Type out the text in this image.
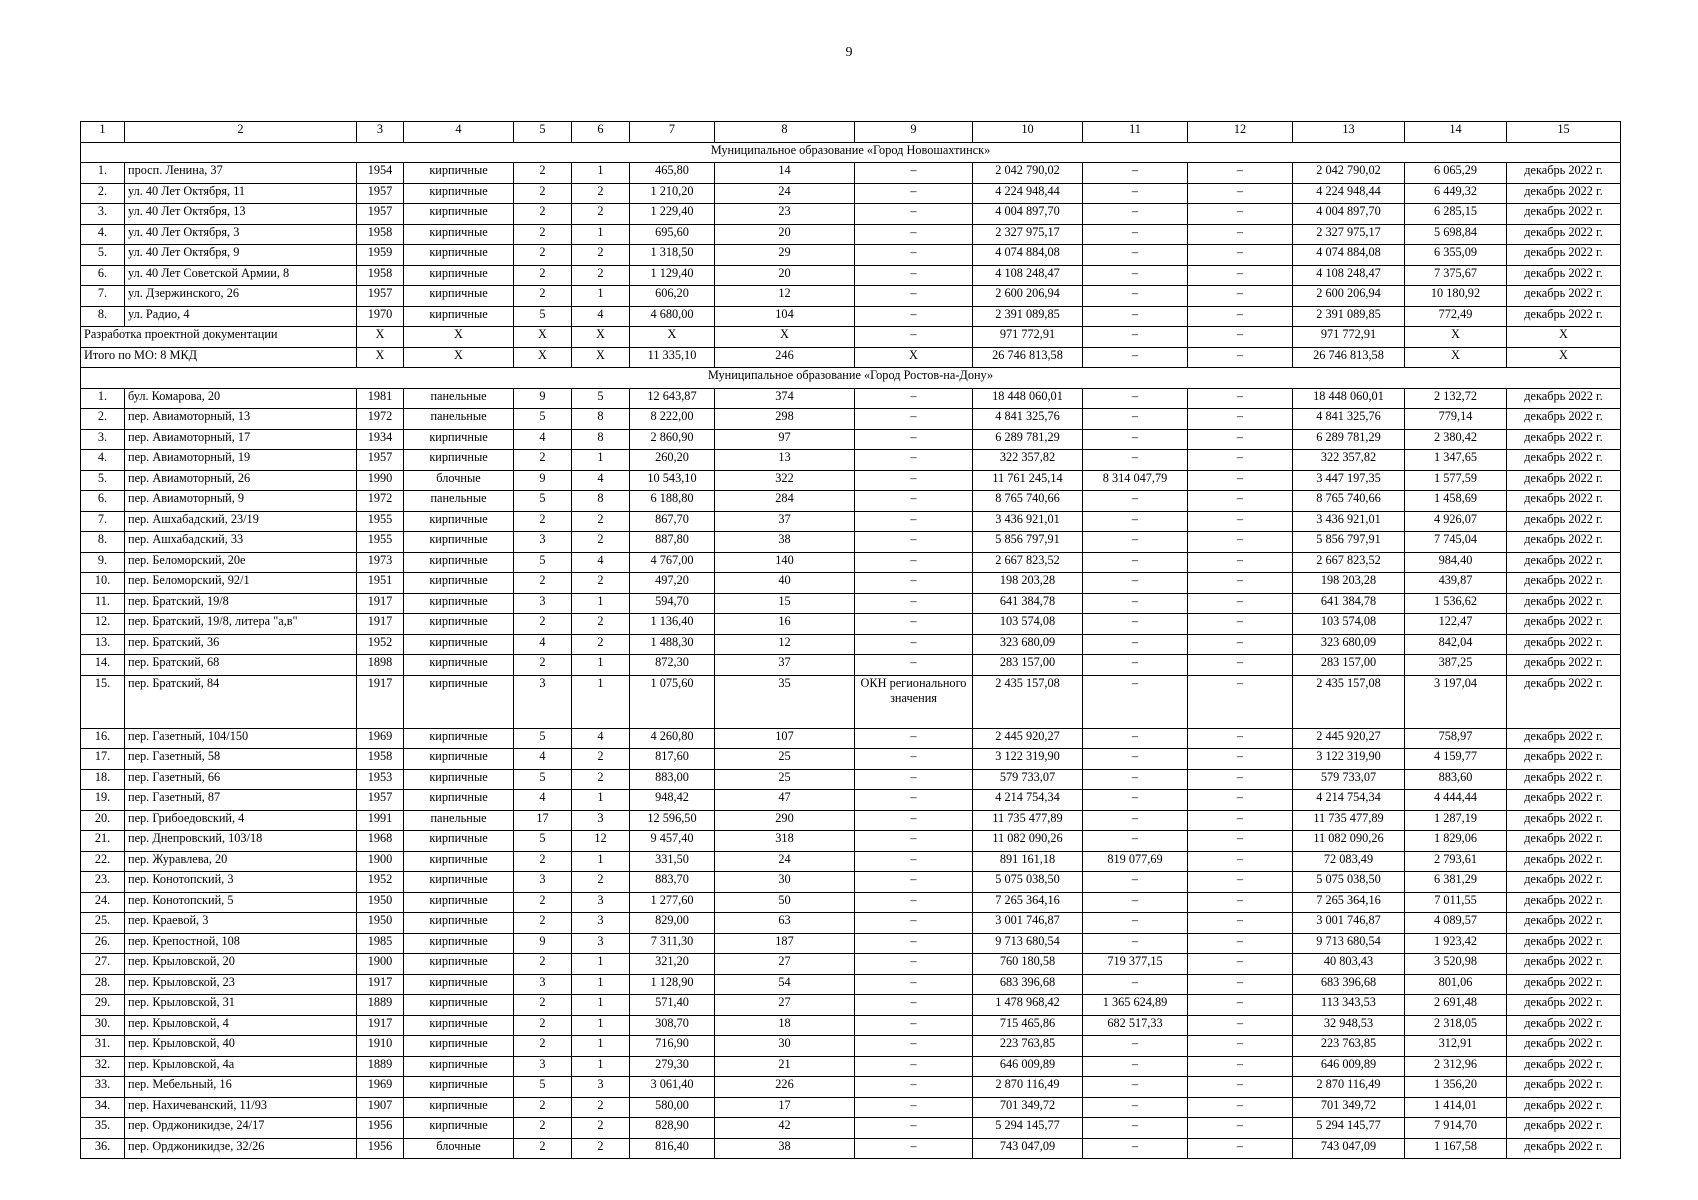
9
1	2	3	4	5	6	7	8	9	10	11	12	13	14	15
Муниципальное образование «Город Новошахтинск»														
1.	просп. Ленина, 37	1954	кирпичные	2	1	465,80	14	–	2 042 790,02	–	–	2 042 790,02	6 065,29	декабрь 2022 г.
2.	ул. 40 Лет Октября, 11	1957	кирпичные	2	2	1 210,20	24	–	4 224 948,44	–	–	4 224 948,44	6 449,32	декабрь 2022 г.
3.	ул. 40 Лет Октября, 13	1957	кирпичные	2	2	1 229,40	23	–	4 004 897,70	–	–	4 004 897,70	6 285,15	декабрь 2022 г.
4.	ул. 40 Лет Октября, 3	1958	кирпичные	2	1	695,60	20	–	2 327 975,17	–	–	2 327 975,17	5 698,84	декабрь 2022 г.
5.	ул. 40 Лет Октября, 9	1959	кирпичные	2	2	1 318,50	29	–	4 074 884,08	–	–	4 074 884,08	6 355,09	декабрь 2022 г.
6.	ул. 40 Лет Советской Армии, 8	1958	кирпичные	2	2	1 129,40	20	–	4 108 248,47	–	–	4 108 248,47	7 375,67	декабрь 2022 г.
7.	ул. Дзержинского, 26	1957	кирпичные	2	1	606,20	12	–	2 600 206,94	–	–	2 600 206,94	10 180,92	декабрь 2022 г.
8.	ул. Радио, 4	1970	кирпичные	5	4	4 680,00	104	–	2 391 089,85	–	–	2 391 089,85	772,49	декабрь 2022 г.
Разработка проектной документации		X	X	X	X	X	X	–	971 772,91	–	–	971 772,91	X	X
Итого по МО: 8 МКД		X	X	X	X	11 335,10	246	X	26 746 813,58	–	–	26 746 813,58	X	X
Муниципальное образование «Город Ростов-на-Дону»														
1.	бул. Комарова, 20	1981	панельные	9	5	12 643,87	374	–	18 448 060,01	–	–	18 448 060,01	2 132,72	декабрь 2022 г.
2.	пер. Авиамоторный, 13	1972	панельные	5	8	8 222,00	298	–	4 841 325,76	–	–	4 841 325,76	779,14	декабрь 2022 г.
3.	пер. Авиамоторный, 17	1934	кирпичные	4	8	2 860,90	97	–	6 289 781,29	–	–	6 289 781,29	2 380,42	декабрь 2022 г.
4.	пер. Авиамоторный, 19	1957	кирпичные	2	1	260,20	13	–	322 357,82	–	–	322 357,82	1 347,65	декабрь 2022 г.
5.	пер. Авиамоторный, 26	1990	блочные	9	4	10 543,10	322	–	11 761 245,14	8 314 047,79	–	3 447 197,35	1 577,59	декабрь 2022 г.
6.	пер. Авиамоторный, 9	1972	панельные	5	8	6 188,80	284	–	8 765 740,66	–	–	8 765 740,66	1 458,69	декабрь 2022 г.
7.	пер. Ашхабадский, 23/19	1955	кирпичные	2	2	867,70	37	–	3 436 921,01	–	–	3 436 921,01	4 926,07	декабрь 2022 г.
8.	пер. Ашхабадский, 33	1955	кирпичные	3	2	887,80	38	–	5 856 797,91	–	–	5 856 797,91	7 745,04	декабрь 2022 г.
9.	пер. Беломорский, 20е	1973	кирпичные	5	4	4 767,00	140	–	2 667 823,52	–	–	2 667 823,52	984,40	декабрь 2022 г.
10.	пер. Беломорский, 92/1	1951	кирпичные	2	2	497,20	40	–	198 203,28	–	–	198 203,28	439,87	декабрь 2022 г.
11.	пер. Братский, 19/8	1917	кирпичные	3	1	594,70	15	–	641 384,78	–	–	641 384,78	1 536,62	декабрь 2022 г.
12.	пер. Братский, 19/8, литера "а,в"	1917	кирпичные	2	2	1 136,40	16	–	103 574,08	–	–	103 574,08	122,47	декабрь 2022 г.
13.	пер. Братский, 36	1952	кирпичные	4	2	1 488,30	12	–	323 680,09	–	–	323 680,09	842,04	декабрь 2022 г.
14.	пер. Братский, 68	1898	кирпичные	2	1	872,30	37	–	283 157,00	–	–	283 157,00	387,25	декабрь 2022 г.
15.	пер. Братский, 84	1917	кирпичные	3	1	1 075,60	35	ОКН регионального значения	2 435 157,08	–	–	2 435 157,08	3 197,04	декабрь 2022 г.
16.	пер. Газетный, 104/150	1969	кирпичные	5	4	4 260,80	107	–	2 445 920,27	–	–	2 445 920,27	758,97	декабрь 2022 г.
17.	пер. Газетный, 58	1958	кирпичные	4	2	817,60	25	–	3 122 319,90	–	–	3 122 319,90	4 159,77	декабрь 2022 г.
18.	пер. Газетный, 66	1953	кирпичные	5	2	883,00	25	–	579 733,07	–	–	579 733,07	883,60	декабрь 2022 г.
19.	пер. Газетный, 87	1957	кирпичные	4	1	948,42	47	–	4 214 754,34	–	–	4 214 754,34	4 444,44	декабрь 2022 г.
20.	пер. Грибоедовский, 4	1991	панельные	17	3	12 596,50	290	–	11 735 477,89	–	–	11 735 477,89	1 287,19	декабрь 2022 г.
21.	пер. Днепровский, 103/18	1968	кирпичные	5	12	9 457,40	318	–	11 082 090,26	–	–	11 082 090,26	1 829,06	декабрь 2022 г.
22.	пер. Журавлева, 20	1900	кирпичные	2	1	331,50	24	–	891 161,18	819 077,69	–	72 083,49	2 793,61	декабрь 2022 г.
23.	пер. Конотопский, 3	1952	кирпичные	3	2	883,70	30	–	5 075 038,50	–	–	5 075 038,50	6 381,29	декабрь 2022 г.
24.	пер. Конотопский, 5	1950	кирпичные	2	3	1 277,60	50	–	7 265 364,16	–	–	7 265 364,16	7 011,55	декабрь 2022 г.
25.	пер. Краевой, 3	1950	кирпичные	2	3	829,00	63	–	3 001 746,87	–	–	3 001 746,87	4 089,57	декабрь 2022 г.
26.	пер. Крепостной, 108	1985	кирпичные	9	3	7 311,30	187	–	9 713 680,54	–	–	9 713 680,54	1 923,42	декабрь 2022 г.
27.	пер. Крыловской, 20	1900	кирпичные	2	1	321,20	27	–	760 180,58	719 377,15	–	40 803,43	3 520,98	декабрь 2022 г.
28.	пер. Крыловской, 23	1917	кирпичные	3	1	1 128,90	54	–	683 396,68	–	–	683 396,68	801,06	декабрь 2022 г.
29.	пер. Крыловской, 31	1889	кирпичные	2	1	571,40	27	–	1 478 968,42	1 365 624,89	–	113 343,53	2 691,48	декабрь 2022 г.
30.	пер. Крыловской, 4	1917	кирпичные	2	1	308,70	18	–	715 465,86	682 517,33	–	32 948,53	2 318,05	декабрь 2022 г.
31.	пер. Крыловской, 40	1910	кирпичные	2	1	716,90	30	–	223 763,85	–	–	223 763,85	312,91	декабрь 2022 г.
32.	пер. Крыловской, 4а	1889	кирпичные	3	1	279,30	21	–	646 009,89	–	–	646 009,89	2 312,96	декабрь 2022 г.
33.	пер. Мебельный, 16	1969	кирпичные	5	3	3 061,40	226	–	2 870 116,49	–	–	2 870 116,49	1 356,20	декабрь 2022 г.
34.	пер. Нахичеванский, 11/93	1907	кирпичные	2	2	580,00	17	–	701 349,72	–	–	701 349,72	1 414,01	декабрь 2022 г.
35.	пер. Орджоникидзе, 24/17	1956	кирпичные	2	2	828,90	42	–	5 294 145,77	–	–	5 294 145,77	7 914,70	декабрь 2022 г.
36.	пер. Орджоникидзе, 32/26	1956	блочные	2	2	816,40	38	–	743 047,09	–	–	743 047,09	1 167,58	декабрь 2022 г.
